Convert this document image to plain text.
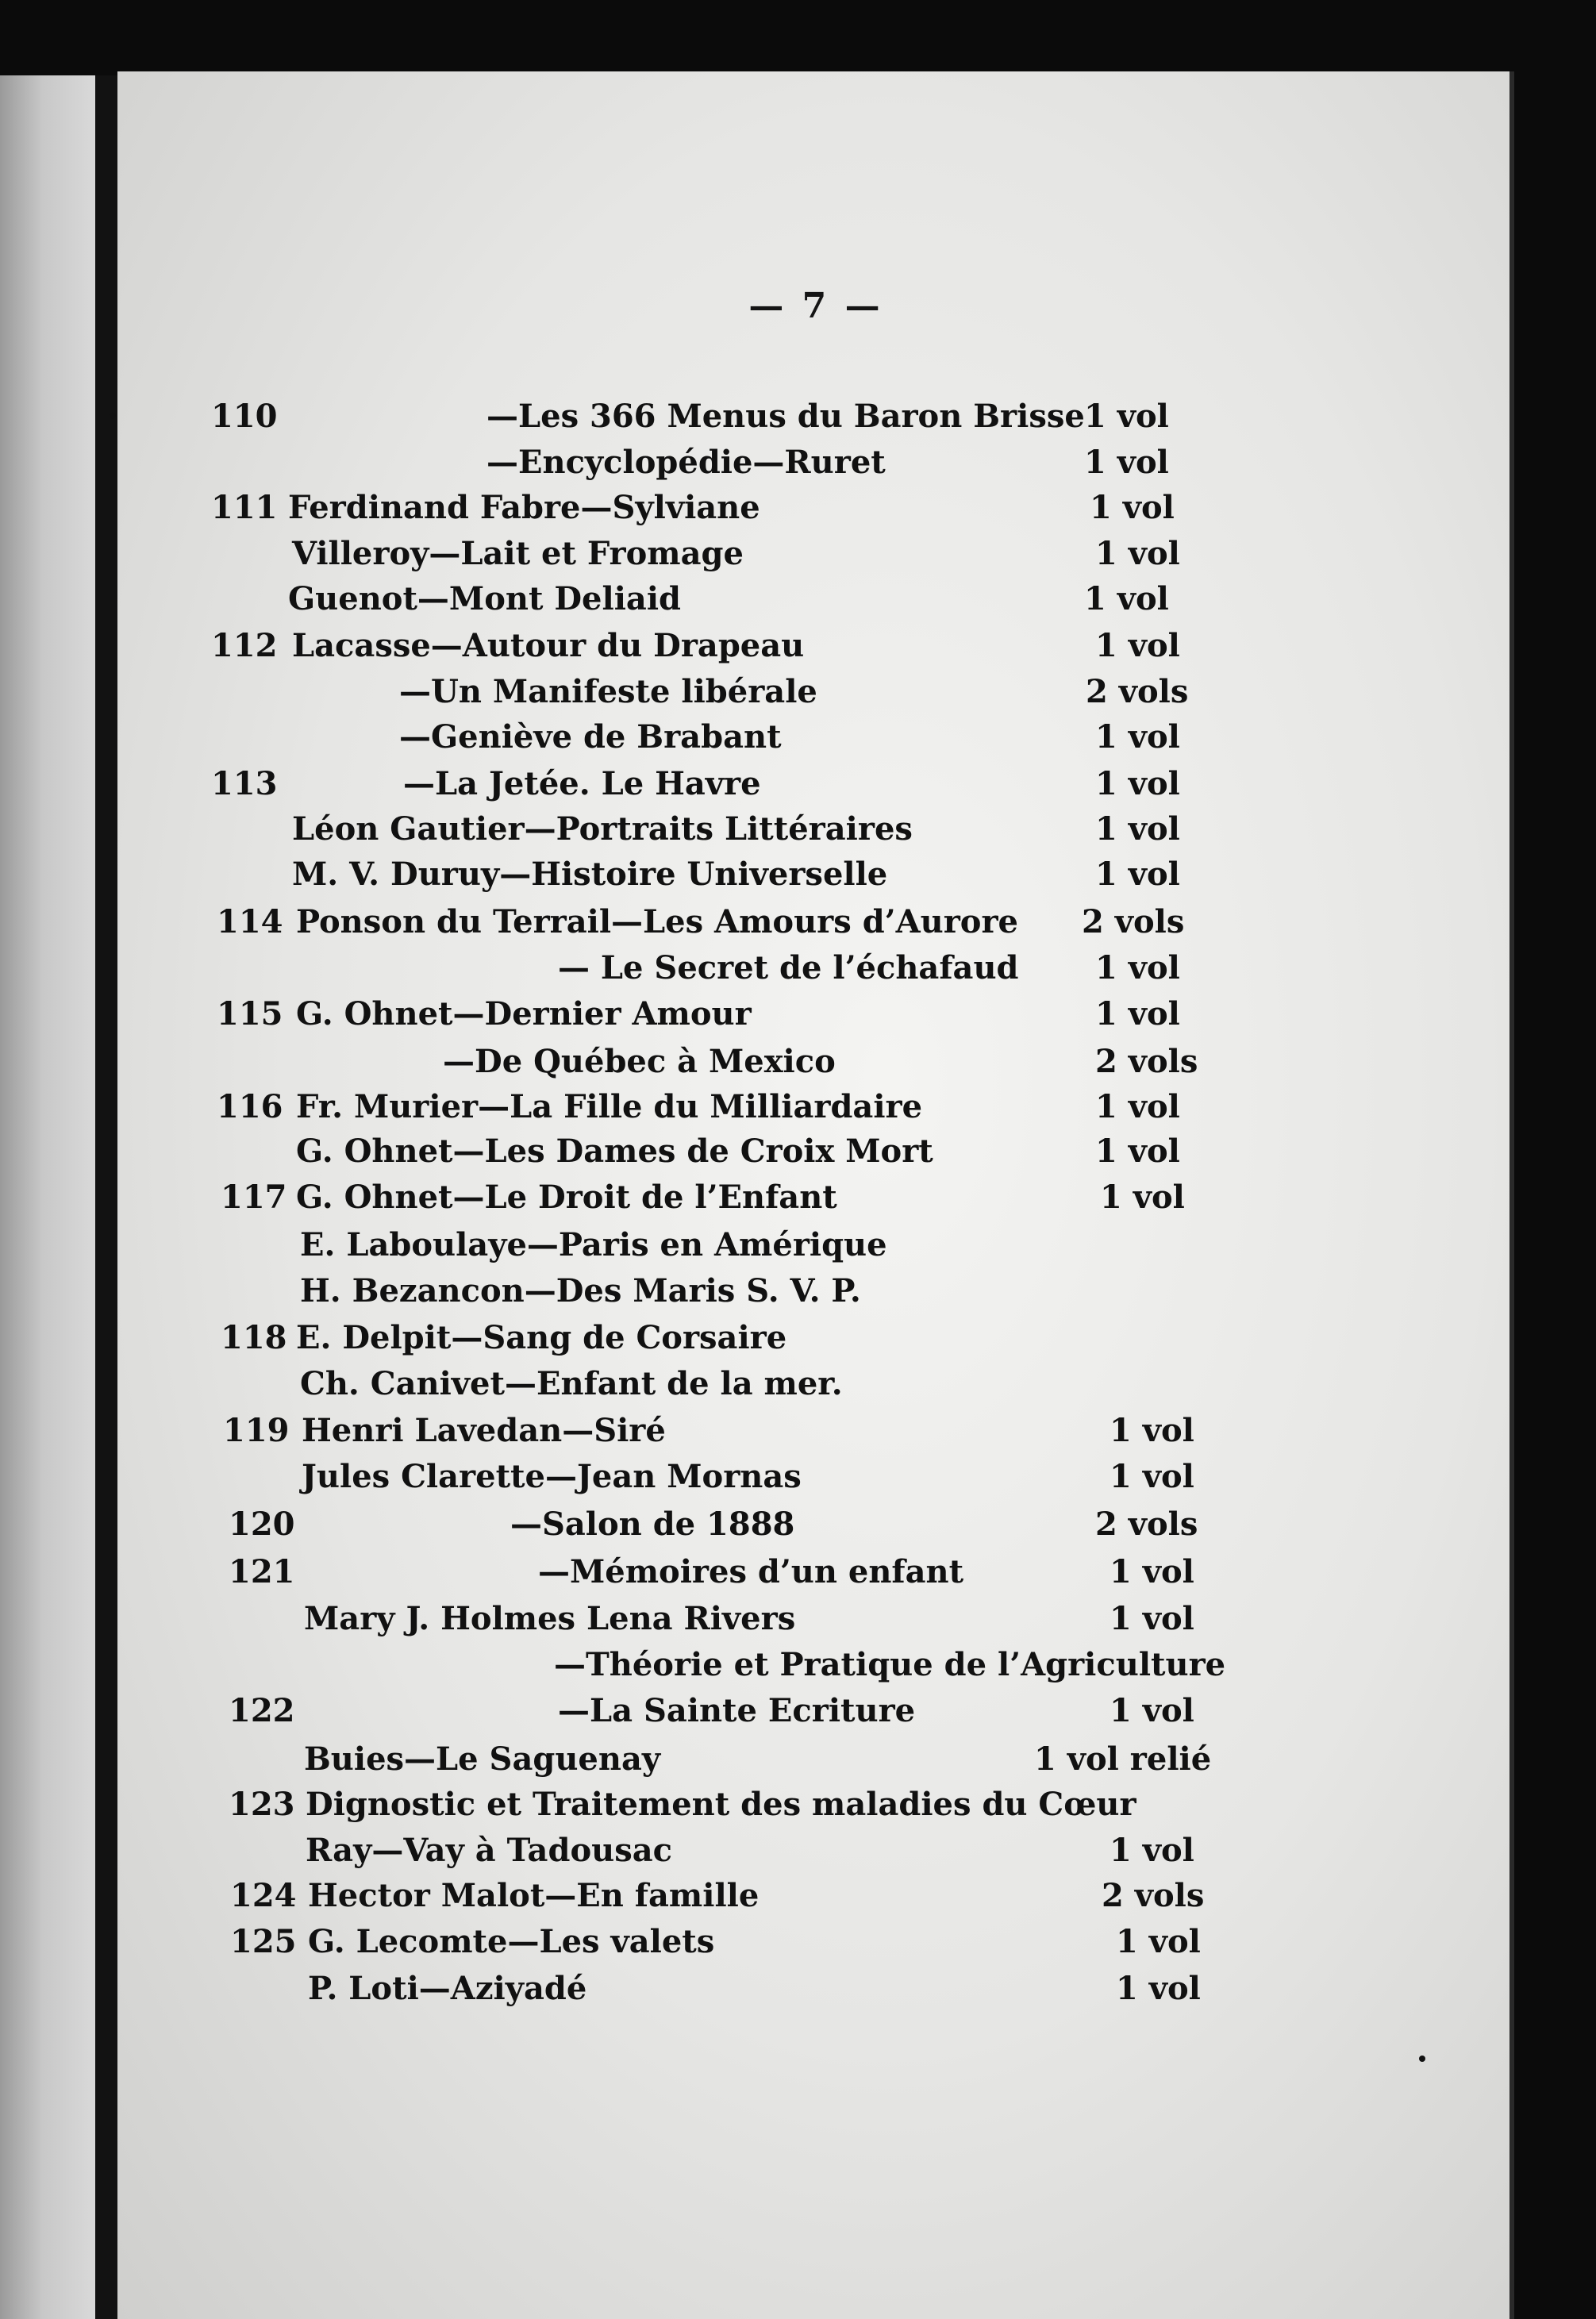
— 7 —
110	—Les 366 Menus du Baron Brisse 1 vol
—Encyclopédie—Ruret	1 vol
111 Ferdinand Fabre—Sylviane	1 vol
Villeroy—Lait et Fromage	1 vol
Guenot—Mont Deliaid	1 vol
112 Lacasse—Autour du Drapeau	1 vol
—Un Manifeste libérale	2 vols
—Geniève de Brabant	1 vol
113	—La Jetée. Le Havre	1 vol
Léon Gautier—Portraits Littéraires	1 vol
M. V. Duruy—Histoire Universelle	1 vol
114 Ponson du Terrail—Les Amours d’Aurore 2 vols
— Le Secret de l’échafaud 1 vol
115 G. Ohnet—Dernier Amour	1 vol
—De Québec à Mexico	2 vols
116 Fr. Murier—La Fille du Milliardaire	1 vol
G. Ohnet—Les Dames de Croix Mort	1 vol
117 G. Ohnet—Le Droit de l’Enfant	1 vol
E. Laboulaye—Paris en Amérique
H. Bezancon—Des Maris S. V. P.
118 E. Delpit—Sang de Corsaire
Ch. Canivet—Enfant de la mer.
119 Henri Lavedan—Siré	1 vol
Jules Clarette—Jean Mornas	1 vol
120	—Salon de 1888	2 vols
121	—Mémoires d’un enfant	1 vol
Mary J. Holmes Lena Rivers	1 vol
—Théorie et Pratique de l’Agriculture
122	—La Sainte Ecriture	1 vol
Buies—Le Saguenay	1 vol relié
123 Dignostic et Traitement des maladies du Cœur
Ray—Vay à Tadousac	1 vol
124 Hector Malot—En famille	2 vols
125 G. Lecomte—Les valets	1 vol
P. Loti—Aziyadé	1 vol
